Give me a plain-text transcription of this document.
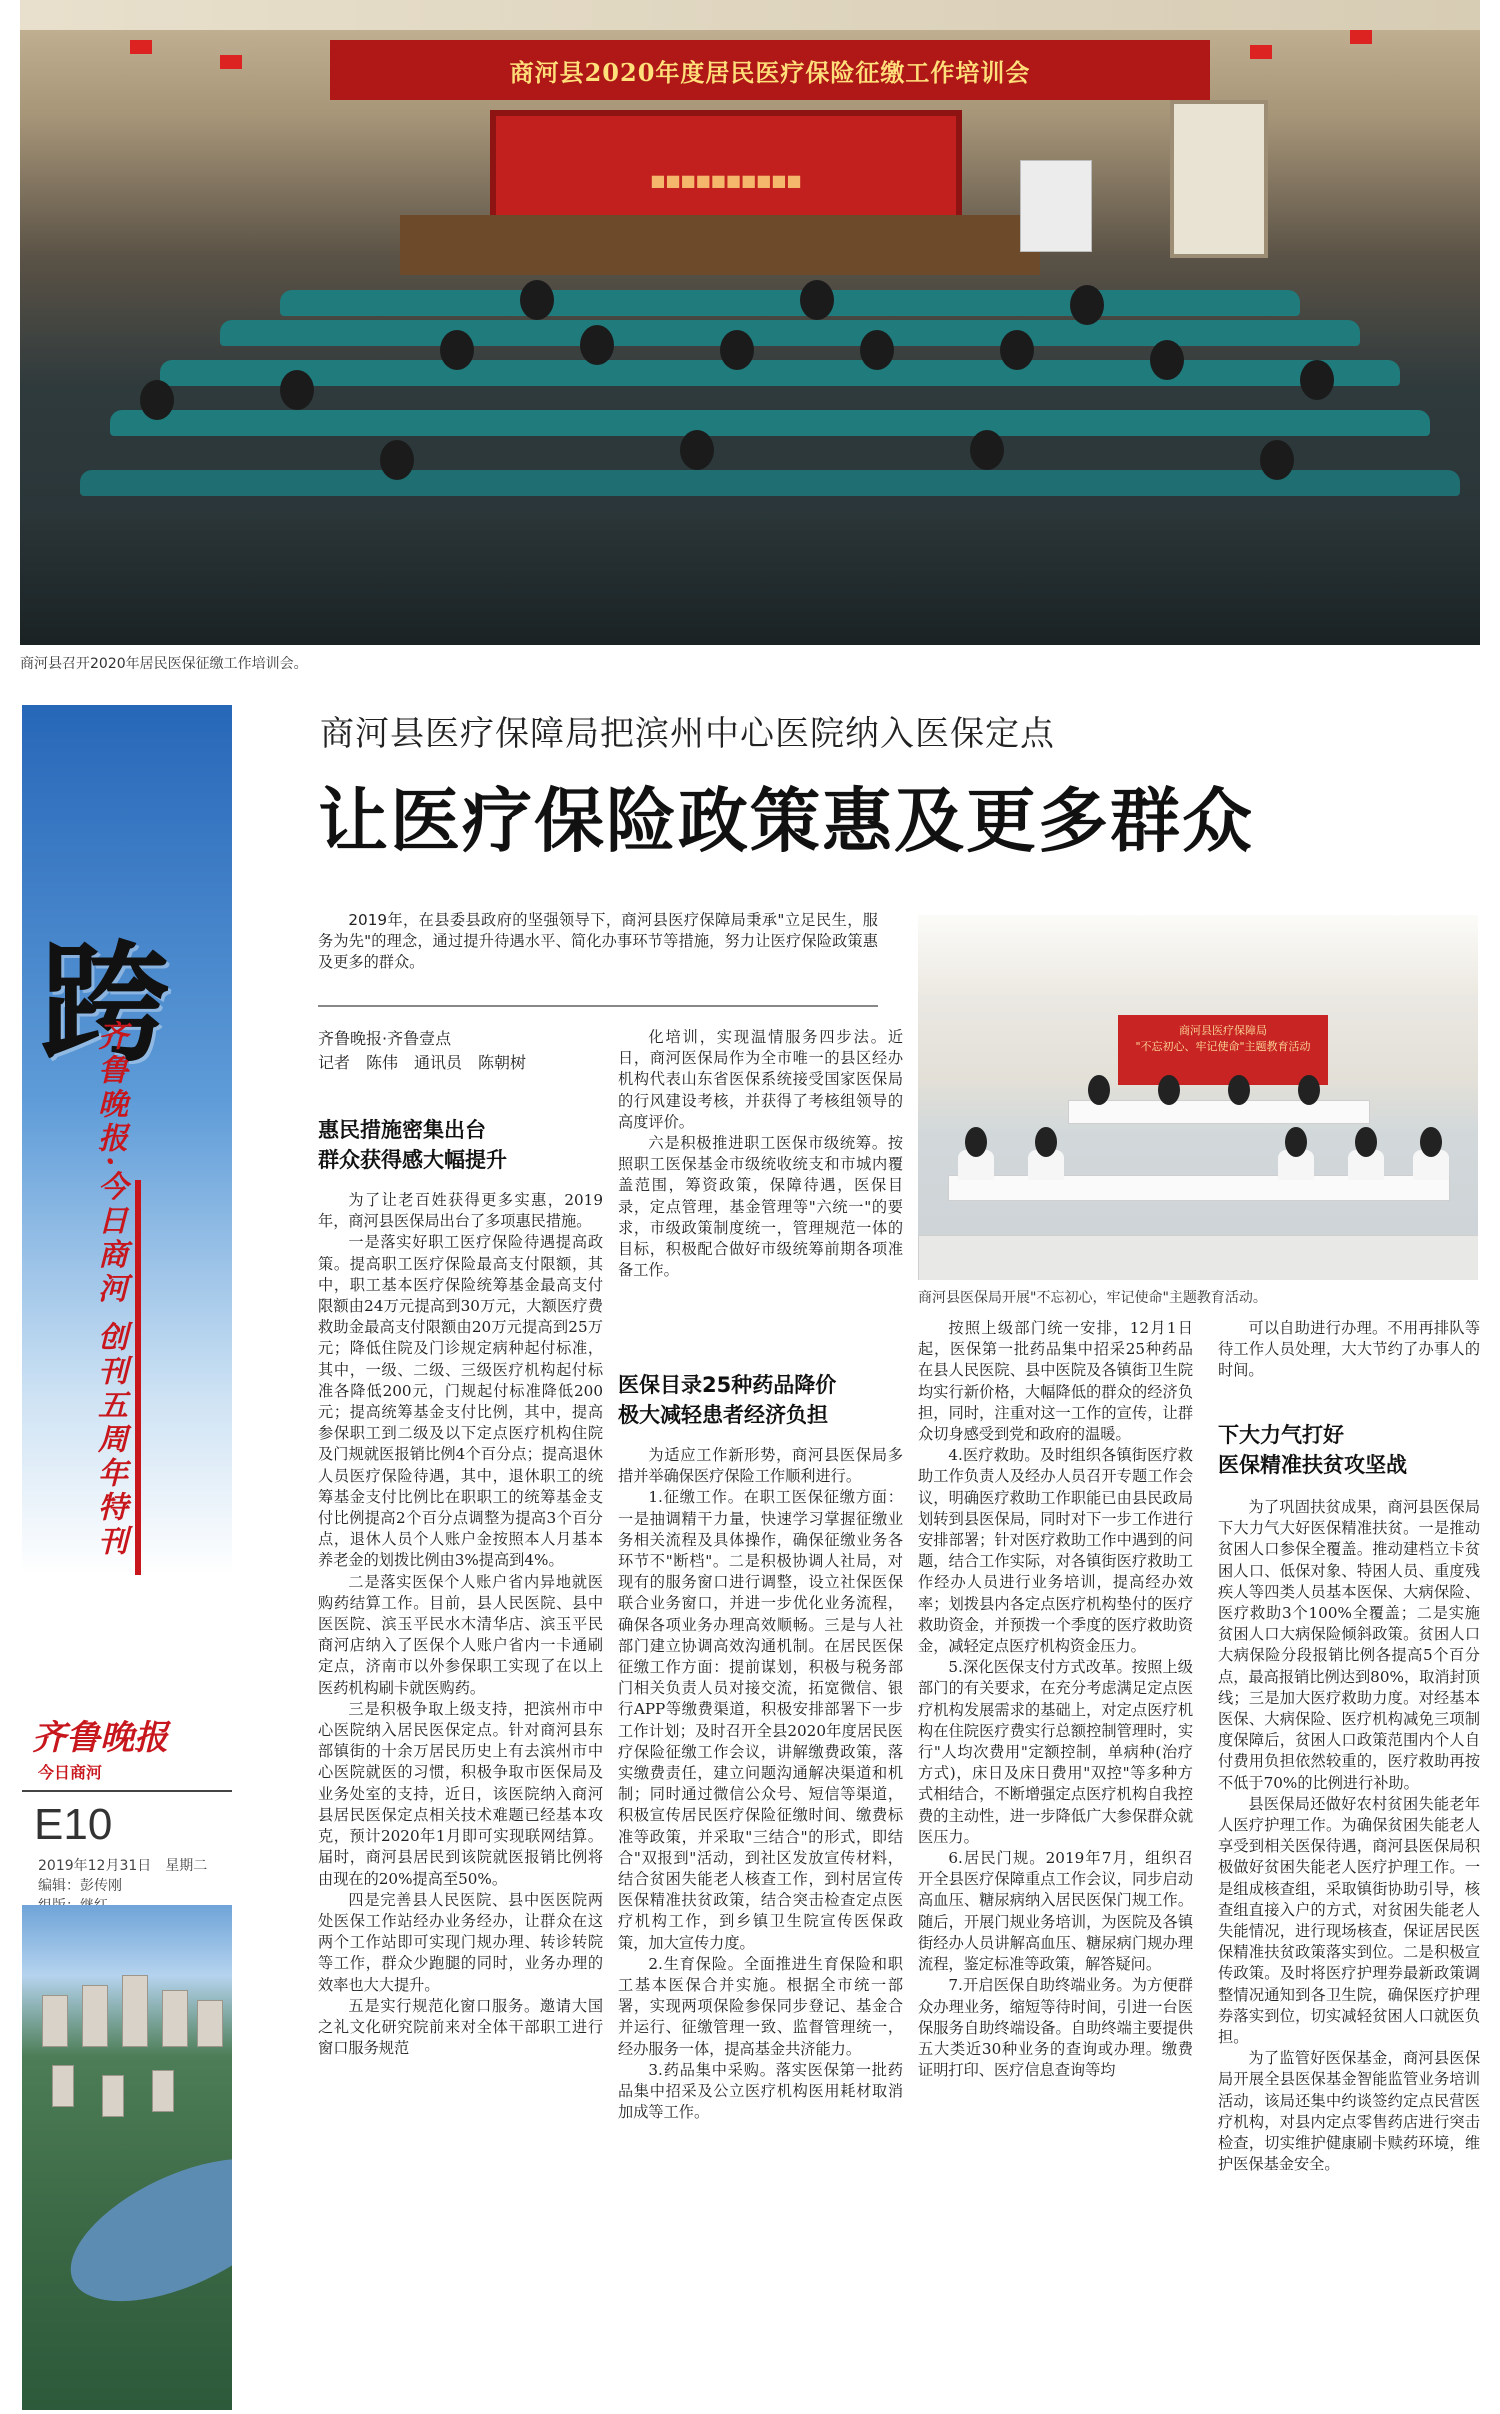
商河县2020年度居民医疗保险征缴工作培训会
■■■■■■■■■■
商河县召开2020年居民医保征缴工作培训会。
跨
齐鲁晚报·今日商河 创刊五周年特刊
齐鲁晚报
今日商河
E10
2019年12月31日　星期二
编辑：彭传刚
商河县医疗保障局把滨州中心医院纳入医保定点
让医疗保险政策惠及更多群众

2019年，在县委县政府的坚强领导下，商河县医疗保障局秉承"立足民生，服务为先"的理念，通过提升待遇水平、简化办事环节等措施，努力让医疗保险政策惠及更多的群众。

齐鲁晚报·齐鲁壹点
记者　陈伟　通讯员　陈朝树
惠民措施密集出台
群众获得感大幅提升

为了让老百姓获得更多实惠，2019年，商河县医保局出台了多项惠民措施。

一是落实好职工医疗保险待遇提高政策。提高职工医疗保险最高支付限额，其中，职工基本医疗保险统筹基金最高支付限额由24万元提高到30万元，大额医疗费救助金最高支付限额由20万元提高到25万元；降低住院及门诊规定病种起付标准，其中，一级、二级、三级医疗机构起付标准各降低200元，门规起付标准降低200元；提高统筹基金支付比例，其中，提高参保职工到二级及以下定点医疗机构住院及门规就医报销比例4个百分点；提高退休人员医疗保险待遇，其中，退休职工的统筹基金支付比例比在职职工的统筹基金支付比例提高2个百分点调整为提高3个百分点，退休人员个人账户金按照本人月基本养老金的划拨比例由3%提高到4%。

二是落实医保个人账户省内异地就医购药结算工作。目前，县人民医院、县中医医院、滨玉平民水木清华店、滨玉平民商河店纳入了医保个人账户省内一卡通刷定点，济南市以外参保职工实现了在以上医药机构刷卡就医购药。

三是积极争取上级支持，把滨州市中心医院纳入居民医保定点。针对商河县东部镇街的十余万居民历史上有去滨州市中心医院就医的习惯，积极争取市医保局及业务处室的支持，近日，该医院纳入商河县居民医保定点相关技术难题已经基本攻克，预计2020年1月即可实现联网结算。届时，商河县居民到该院就医报销比例将由现在的20%提高至50%。

四是完善县人民医院、县中医医院两处医保工作站经办业务经办，让群众在这两个工作站即可实现门规办理、转诊转院等工作，群众少跑腿的同时，业务办理的效率也大大提升。

五是实行规范化窗口服务。邀请大国之礼文化研究院前来对全体干部职工进行窗口服务规范

化培训，实现温情服务四步法。近日，商河医保局作为全市唯一的县区经办机构代表山东省医保系统接受国家医保局的行风建设考核，并获得了考核组领导的高度评价。

六是积极推进职工医保市级统筹。按照职工医保基金市级统收统支和市城内覆盖范围，筹资政策，保障待遇，医保目录，定点管理，基金管理等"六统一"的要求，市级政策制度统一，管理规范一体的目标，积极配合做好市级统筹前期各项准备工作。

医保目录25种药品降价
极大减轻患者经济负担

为适应工作新形势，商河县医保局多措并举确保医疗保险工作顺利进行。

1.征缴工作。在职工医保征缴方面：一是抽调精干力量，快速学习掌握征缴业务相关流程及具体操作，确保征缴业务各环节不"断档"。二是积极协调人社局，对现有的服务窗口进行调整，设立社保医保联合业务窗口，并进一步优化业务流程，确保各项业务办理高效顺畅。三是与人社部门建立协调高效沟通机制。在居民医保征缴工作方面：提前谋划，积极与税务部门相关负责人员对接交流，拓宽微信、银行APP等缴费渠道，积极安排部署下一步工作计划；及时召开全县2020年度居民医疗保险征缴工作会议，讲解缴费政策，落实缴费责任，建立问题沟通解决渠道和机制；同时通过微信公众号、短信等渠道，积极宣传居民医疗保险征缴时间、缴费标准等政策，并采取"三结合"的形式，即结合"双报到"活动，到社区发放宣传材料，结合贫困失能老人核查工作，到村居宣传医保精准扶贫政策，结合突击检查定点医疗机构工作，到乡镇卫生院宣传医保政策，加大宣传力度。

2.生育保险。全面推进生育保险和职工基本医保合并实施。根据全市统一部署，实现两项保险参保同步登记、基金合并运行、征缴管理一致、监督管理统一，经办服务一体，提高基金共济能力。

3.药品集中采购。落实医保第一批药品集中招采及公立医疗机构医用耗材取消加成等工作。

商河县医疗保障局
"不忘初心、牢记使命"主题教育活动
商河县医保局开展"不忘初心，牢记使命"主题教育活动。

按照上级部门统一安排，12月1日起，医保第一批药品集中招采25种药品在县人民医院、县中医院及各镇街卫生院均实行新价格，大幅降低的群众的经济负担，同时，注重对这一工作的宣传，让群众切身感受到党和政府的温暖。

4.医疗救助。及时组织各镇街医疗救助工作负责人及经办人员召开专题工作会议，明确医疗救助工作职能已由县民政局划转到县医保局，同时对下一步工作进行安排部署；针对医疗救助工作中遇到的问题，结合工作实际，对各镇街医疗救助工作经办人员进行业务培训，提高经办效率；划拨县内各定点医疗机构垫付的医疗救助资金，并预拨一个季度的医疗救助资金，减轻定点医疗机构资金压力。

5.深化医保支付方式改革。按照上级部门的有关要求，在充分考虑满足定点医疗机构发展需求的基础上，对定点医疗机构在住院医疗费实行总额控制管理时，实行"人均次费用"定额控制，单病种(治疗方式)，床日及床日费用"双控"等多种方式相结合，不断增强定点医疗机构自我控费的主动性，进一步降低广大参保群众就医压力。

6.居民门规。2019年7月，组织召开全县医疗保障重点工作会议，同步启动高血压、糖尿病纳入居民医保门规工作。随后，开展门规业务培训，为医院及各镇街经办人员讲解高血压、糖尿病门规办理流程，鉴定标准等政策，解答疑问。

7.开启医保自助终端业务。为方便群众办理业务，缩短等待时间，引进一台医保服务自助终端设备。自助终端主要提供五大类近30种业务的查询或办理。缴费证明打印、医疗信息查询等均

可以自助进行办理。不用再排队等待工作人员处理，大大节约了办事人的时间。

下大力气打好
医保精准扶贫攻坚战

为了巩固扶贫成果，商河县医保局下大力气大好医保精准扶贫。一是推动贫困人口参保全覆盖。推动建档立卡贫困人口、低保对象、特困人员、重度残疾人等四类人员基本医保、大病保险、医疗救助3个100%全覆盖；二是实施贫困人口大病保险倾斜政策。贫困人口大病保险分段报销比例各提高5个百分点，最高报销比例达到80%，取消封顶线；三是加大医疗救助力度。对经基本医保、大病保险、医疗机构减免三项制度保障后，贫困人口政策范围内个人自付费用负担依然较重的，医疗救助再按不低于70%的比例进行补助。

县医保局还做好农村贫困失能老年人医疗护理工作。为确保贫困失能老人享受到相关医保待遇，商河县医保局积极做好贫困失能老人医疗护理工作。一是组成核查组，采取镇街协助引导，核查组直接入户的方式，对贫困失能老人失能情况，进行现场核查，保证居民医保精准扶贫政策落实到位。二是积极宣传政策。及时将医疗护理券最新政策调整情况通知到各卫生院，确保医疗护理券落实到位，切实减轻贫困人口就医负担。

为了监管好医保基金，商河县医保局开展全县医保基金智能监管业务培训活动，该局还集中约谈签约定点民营医疗机构，对县内定点零售药店进行突击检查，切实维护健康刷卡赎药环境，维护医保基金安全。
